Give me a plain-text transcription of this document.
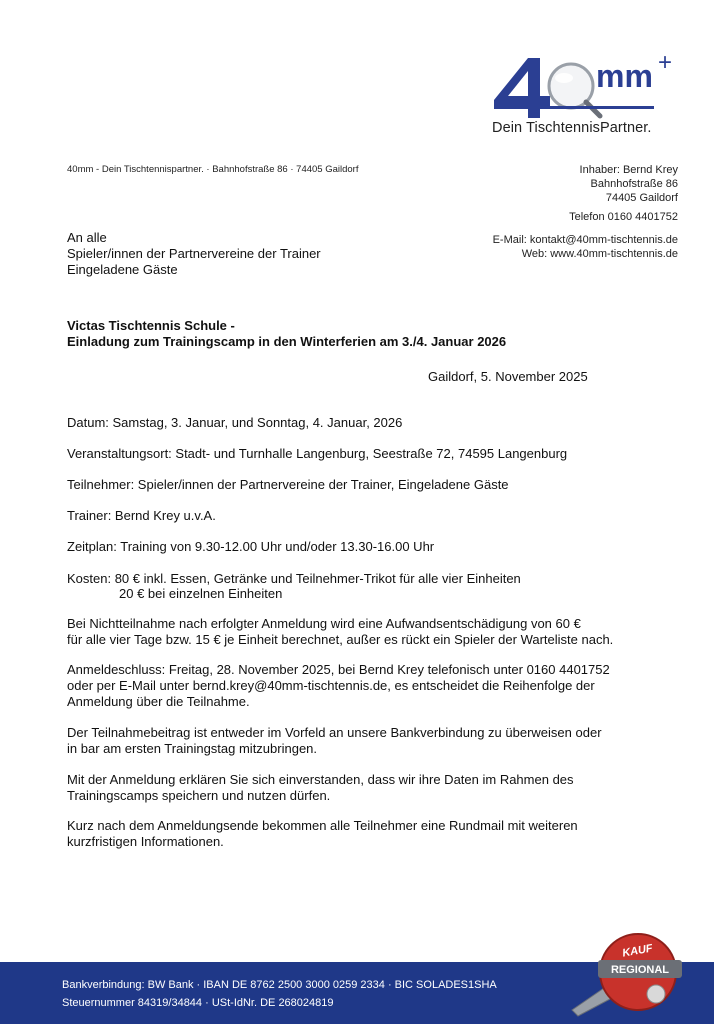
mm +
Dein TischtennisPartner.
40mm - Dein Tischtennispartner. · Bahnhofstraße 86 · 74405 Gaildorf	Inhaber: Bernd Krey
Bahnhofstraße 86
74405 Gaildorf
Telefon 0160 4401752
E-Mail: kontakt@40mm-tischtennis.de
Web: www.40mm-tischtennis.de
An alle
Spieler/innen der Partnervereine der Trainer
Eingeladene Gäste
Victas Tischtennis Schule -
Einladung zum Trainingscamp in den Winterferien am 3./4. Januar 2026
Gaildorf, 5. November 2025
Datum: Samstag, 3. Januar, und Sonntag, 4. Januar, 2026
Veranstaltungsort: Stadt- und Turnhalle Langenburg, Seestraße 72, 74595 Langenburg
Teilnehmer: Spieler/innen der Partnervereine der Trainer, Eingeladene Gäste
Trainer: Bernd Krey u.v.A.
Zeitplan: Training von 9.30-12.00 Uhr und/oder 13.30-16.00 Uhr
Kosten: 80 € inkl. Essen, Getränke und Teilnehmer-Trikot für alle vier Einheiten
20 € bei einzelnen Einheiten
Bei Nichtteilnahme nach erfolgter Anmeldung wird eine Aufwandsentschädigung von 60 €
für alle vier Tage bzw. 15 € je Einheit berechnet, außer es rückt ein Spieler der Warteliste nach.
Anmeldeschluss: Freitag, 28. November 2025, bei Bernd Krey telefonisch unter 0160 4401752
oder per E-Mail unter bernd.krey@40mm-tischtennis.de, es entscheidet die Reihenfolge der
Anmeldung über die Teilnahme.
Der Teilnahmebeitrag ist entweder im Vorfeld an unsere Bankverbindung zu überweisen oder
in bar am ersten Trainingstag mitzubringen.
Mit der Anmeldung erklären Sie sich einverstanden, dass wir ihre Daten im Rahmen des
Trainingscamps speichern und nutzen dürfen.
Kurz nach dem Anmeldungsende bekommen alle Teilnehmer eine Rundmail mit weiteren
kurzfristigen Informationen.
Bankverbindung: BW Bank · IBAN DE 8762 2500 3000 0259 2334 · BIC SOLADES1SHA
Steuernummer 84319/34844 · USt-IdNr. DE 268024819
REGIONAL
KAUF
